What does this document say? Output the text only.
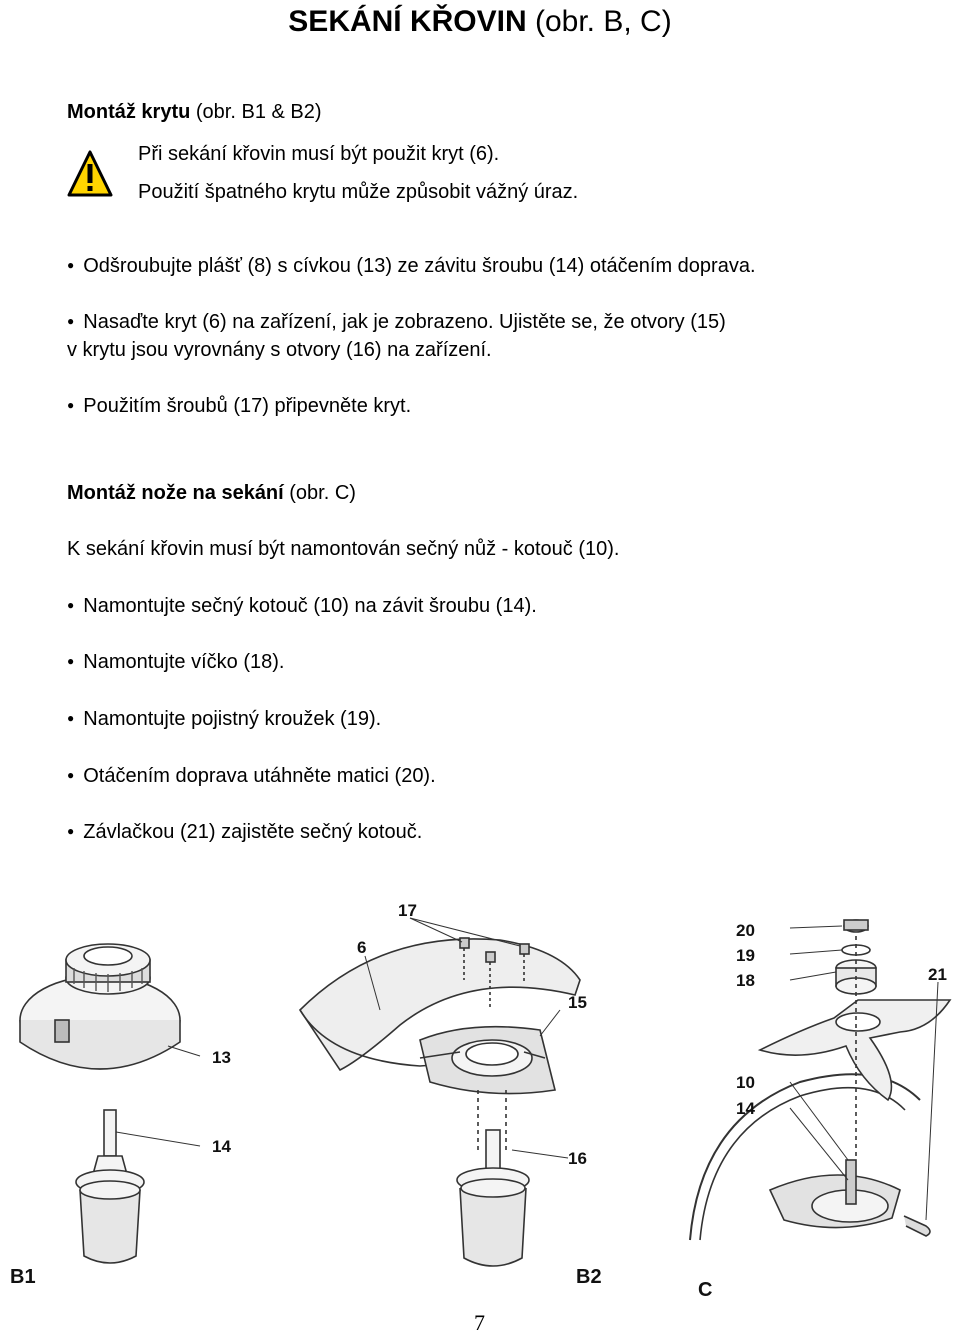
SEKÁNÍ KŘOVIN (obr. B, C)
Montáž krytu (obr. B1 & B2)
Při sekání křovin musí být použit kryt (6).
Použití špatného krytu může způsobit vážný úraz.
● Odšroubujte plášť (8) s cívkou (13) ze závitu šroubu (14) otáčením doprava.
● Nasaďte kryt (6) na zařízení, jak je zobrazeno. Ujistěte se, že otvory (15)
v krytu jsou vyrovnány s otvory (16) na zařízení.
● Použitím šroubů (17) připevněte kryt.
Montáž nože na sekání (obr. C)
K sekání křovin musí být namontován sečný nůž - kotouč (10).
● Namontujte sečný kotouč (10) na závit šroubu (14).
● Namontujte víčko (18).
● Namontujte pojistný kroužek (19).
● Otáčením doprava utáhněte matici (20).
● Závlačkou (21) zajistěte sečný kotouč.
13
14
17
6
15
16
20
19
18
10
14
21
B1	B2
C
7
